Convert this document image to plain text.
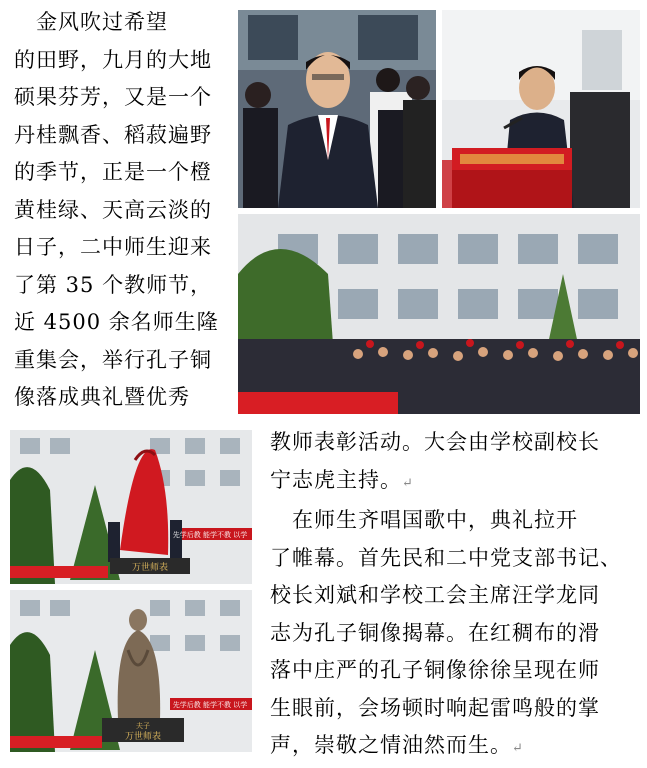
　金风吹过希望
的田野，九月的大地
硕果芬芳，又是一个
丹桂飘香、稻菽遍野
的季节，正是一个橙
黄桂绿、天高云淡的
日子，二中师生迎来
了第 35 个教师节，
近 4500 余名师生隆
重集会，举行孔子铜
像落成典礼暨优秀
教师表彰活动。大会由学校副校长
宁志虎主持。↵
　在师生齐唱国歌中，典礼拉开
了帷幕。首先民和二中党支部书记、
校长刘斌和学校工会主席汪学龙同
志为孔子铜像揭幕。在红稠布的滑
落中庄严的孔子铜像徐徐呈现在师
生眼前，会场顿时响起雷鸣般的掌
声，崇敬之情油然而生。↵
万世师表
先学后教 能学不教 以学
夫子
万世师表
先学后教 能学不教 以学
